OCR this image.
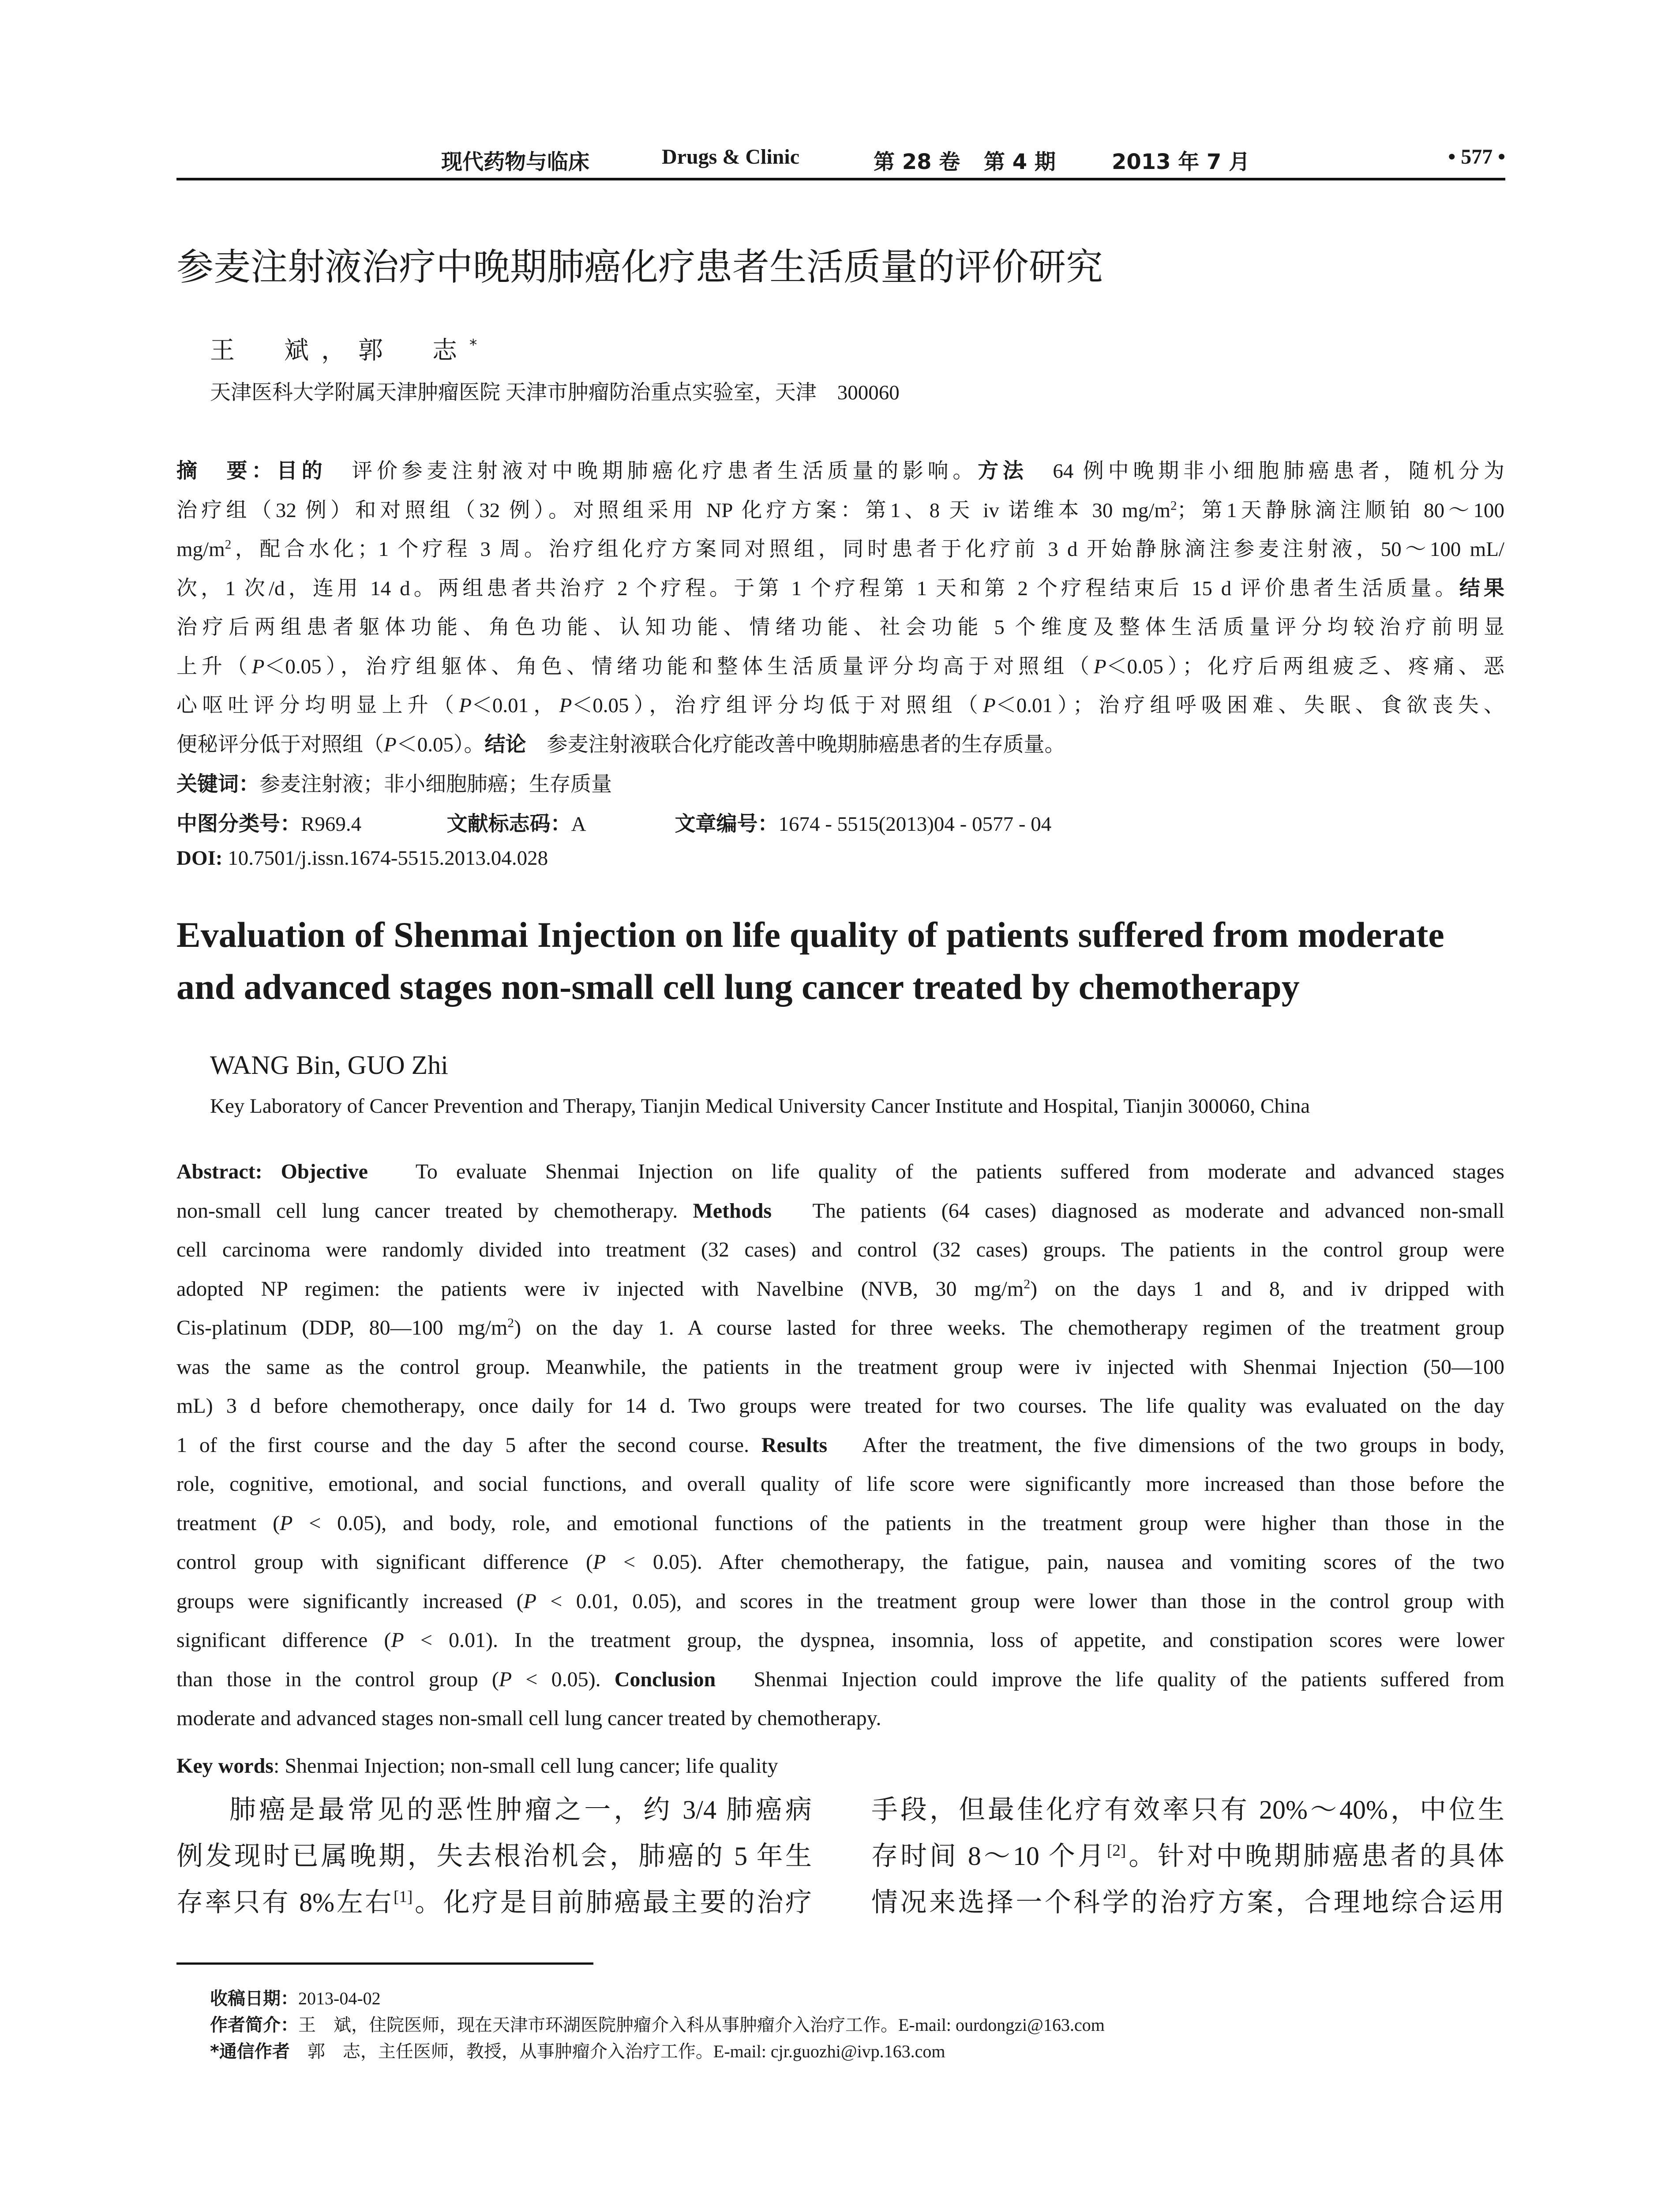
现代药物与临床	Drugs & Clinic	第 28 卷 第 4 期	2013 年 7 月	• 577 •
参麦注射液治疗中晚期肺癌化疗患者生活质量的评价研究
王　斌，郭　志*
天津医科大学附属天津肿瘤医院 天津市肿瘤防治重点实验室，天津　300060
摘　要：目的　评价参麦注射液对中晚期肺癌化疗患者生活质量的影响。方法　64 例中晚期非小细胞肺癌患者，随机分为
治疗组（32 例）和对照组（32 例）。对照组采用 NP 化疗方案：第1、8 天 iv 诺维本 30 $mg/m^2$；第1天静脉滴注顺铂 80～100
$mg/m^2$，配合水化；1 个疗程 3 周。治疗组化疗方案同对照组，同时患者于化疗前 3 d 开始静脉滴注参麦注射液，50～100 mL/
次，1 次/d，连用 14 d。两组患者共治疗 2 个疗程。于第 1 个疗程第 1 天和第 2 个疗程结束后 15 d 评价患者生活质量。结果
治疗后两组患者躯体功能、角色功能、认知功能、情绪功能、社会功能 5 个维度及整体生活质量评分均较治疗前明显
上升（P＜0.05），治疗组躯体、角色、情绪功能和整体生活质量评分均高于对照组（P＜0.05）；化疗后两组疲乏、疼痛、恶
心呕吐评分均明显上升（P＜0.01，P＜0.05），治疗组评分均低于对照组（P＜0.01）；治疗组呼吸困难、失眠、食欲丧失、
便秘评分低于对照组（P＜0.05）。结论　参麦注射液联合化疗能改善中晚期肺癌患者的生存质量。
关键词：参麦注射液；非小细胞肺癌；生存质量
中图分类号：R969.4	文献标志码：A	文章编号：1674 - 5515(2013)04 - 0577 - 04
DOI: 10.7501/j.issn.1674-5515.2013.04.028
Evaluation of Shenmai Injection on life quality of patients suffered from moderate
and advanced stages non-small cell lung cancer treated by chemotherapy
WANG Bin, GUO Zhi
Key Laboratory of Cancer Prevention and Therapy, Tianjin Medical University Cancer Institute and Hospital, Tianjin 300060, China
Abstract: Objective　To evaluate Shenmai Injection on life quality of the patients suffered from moderate and advanced stages
non-small cell lung cancer treated by chemotherapy. Methods　The patients (64 cases) diagnosed as moderate and advanced non-small
cell carcinoma were randomly divided into treatment (32 cases) and control (32 cases) groups. The patients in the control group were
adopted NP regimen: the patients were iv injected with Navelbine (NVB, 30 $mg/m^2$) on the days 1 and 8, and iv dripped with
Cis-platinum (DDP, 80—100 $mg/m^2$) on the day 1. A course lasted for three weeks. The chemotherapy regimen of the treatment group
was the same as the control group. Meanwhile, the patients in the treatment group were iv injected with Shenmai Injection (50—100
mL) 3 d before chemotherapy, once daily for 14 d. Two groups were treated for two courses. The life quality was evaluated on the day
1 of the first course and the day 5 after the second course. Results　After the treatment, the five dimensions of the two groups in body,
role, cognitive, emotional, and social functions, and overall quality of life score were significantly more increased than those before the
treatment (P < 0.05), and body, role, and emotional functions of the patients in the treatment group were higher than those in the
control group with significant difference (P < 0.05). After chemotherapy, the fatigue, pain, nausea and vomiting scores of the two
groups were significantly increased (P < 0.01, 0.05), and scores in the treatment group were lower than those in the control group with
significant difference (P < 0.01). In the treatment group, the dyspnea, insomnia, loss of appetite, and constipation scores were lower
than those in the control group (P < 0.05). Conclusion　Shenmai Injection could improve the life quality of the patients suffered from
moderate and advanced stages non-small cell lung cancer treated by chemotherapy.
Key words: Shenmai Injection; non-small cell lung cancer; life quality
肺癌是最常见的恶性肿瘤之一，约 3/4 肺癌病
例发现时已属晚期，失去根治机会，肺癌的 5 年生
存率只有 8%左右[1]。化疗是目前肺癌最主要的治疗
手段，但最佳化疗有效率只有 20%～40%，中位生
存时间 8～10 个月[2]。针对中晚期肺癌患者的具体
情况来选择一个科学的治疗方案，合理地综合运用
收稿日期：2013-04-02
作者简介：王　斌，住院医师，现在天津市环湖医院肿瘤介入科从事肿瘤介入治疗工作。E-mail: ourdongzi@163.com
*通信作者　郭　志，主任医师，教授，从事肿瘤介入治疗工作。E-mail: cjr.guozhi@ivp.163.com
